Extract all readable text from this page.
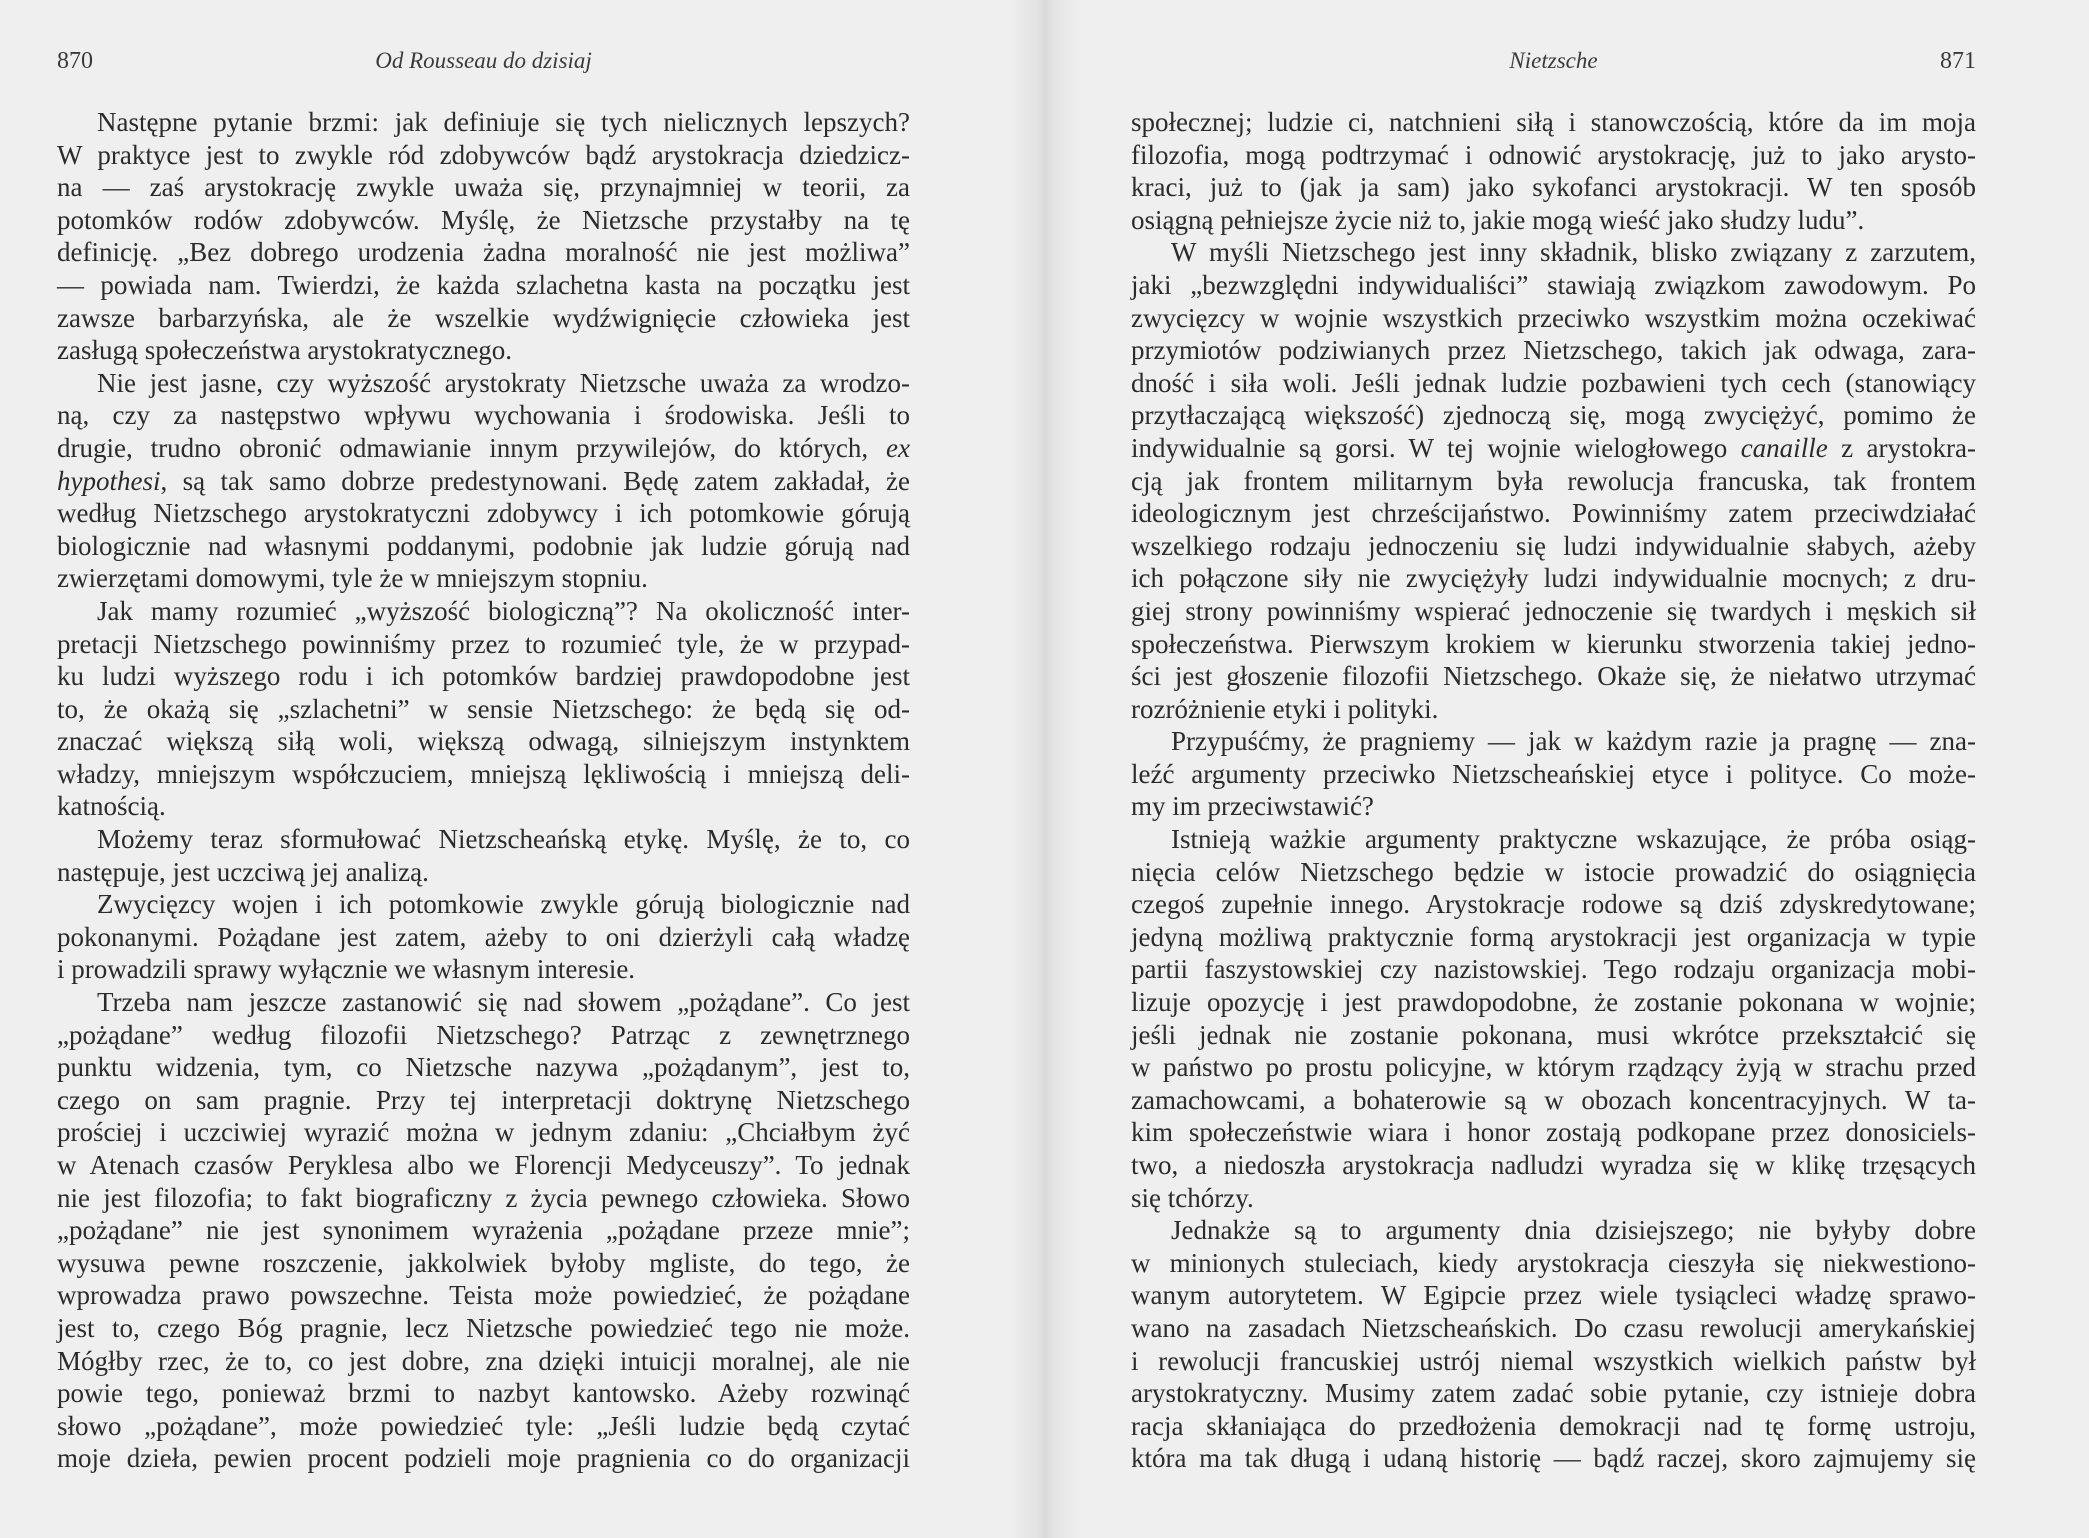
870	Od Rousseau do dzisiaj
Następne pytanie brzmi: jak definiuje się tych nielicznych lepszych?
W praktyce jest to zwykle ród zdobywców bądź arystokracja dziedzicz-
na — zaś arystokrację zwykle uważa się, przynajmniej w teorii, za
potomków rodów zdobywców. Myślę, że Nietzsche przystałby na tę
definicję. „Bez dobrego urodzenia żadna moralność nie jest możliwa”
— powiada nam. Twierdzi, że każda szlachetna kasta na początku jest
zawsze barbarzyńska, ale że wszelkie wydźwignięcie człowieka jest
zasługą społeczeństwa arystokratycznego.
Nie jest jasne, czy wyższość arystokraty Nietzsche uważa za wrodzo-
ną, czy za następstwo wpływu wychowania i środowiska. Jeśli to
drugie, trudno obronić odmawianie innym przywilejów, do których, ex
hypothesi, są tak samo dobrze predestynowani. Będę zatem zakładał, że
według Nietzschego arystokratyczni zdobywcy i ich potomkowie górują
biologicznie nad własnymi poddanymi, podobnie jak ludzie górują nad
zwierzętami domowymi, tyle że w mniejszym stopniu.
Jak mamy rozumieć „wyższość biologiczną”? Na okoliczność inter-
pretacji Nietzschego powinniśmy przez to rozumieć tyle, że w przypad-
ku ludzi wyższego rodu i ich potomków bardziej prawdopodobne jest
to, że okażą się „szlachetni” w sensie Nietzschego: że będą się od-
znaczać większą siłą woli, większą odwagą, silniejszym instynktem
władzy, mniejszym współczuciem, mniejszą lękliwością i mniejszą deli-
katnością.
Możemy teraz sformułować Nietzscheańską etykę. Myślę, że to, co
następuje, jest uczciwą jej analizą.
Zwycięzcy wojen i ich potomkowie zwykle górują biologicznie nad
pokonanymi. Pożądane jest zatem, ażeby to oni dzierżyli całą władzę
i prowadzili sprawy wyłącznie we własnym interesie.
Trzeba nam jeszcze zastanowić się nad słowem „pożądane”. Co jest
„pożądane” według filozofii Nietzschego? Patrząc z zewnętrznego
punktu widzenia, tym, co Nietzsche nazywa „pożądanym”, jest to,
czego on sam pragnie. Przy tej interpretacji doktrynę Nietzschego
prościej i uczciwiej wyrazić można w jednym zdaniu: „Chciałbym żyć
w Atenach czasów Peryklesa albo we Florencji Medyceuszy”. To jednak
nie jest filozofia; to fakt biograficzny z życia pewnego człowieka. Słowo
„pożądane” nie jest synonimem wyrażenia „pożądane przeze mnie”;
wysuwa pewne roszczenie, jakkolwiek byłoby mgliste, do tego, że
wprowadza prawo powszechne. Teista może powiedzieć, że pożądane
jest to, czego Bóg pragnie, lecz Nietzsche powiedzieć tego nie może.
Mógłby rzec, że to, co jest dobre, zna dzięki intuicji moralnej, ale nie
powie tego, ponieważ brzmi to nazbyt kantowsko. Ażeby rozwinąć
słowo „pożądane”, może powiedzieć tyle: „Jeśli ludzie będą czytać
moje dzieła, pewien procent podzieli moje pragnienia co do organizacji
Nietzsche	871
społecznej; ludzie ci, natchnieni siłą i stanowczością, które da im moja
filozofia, mogą podtrzymać i odnowić arystokrację, już to jako arysto-
kraci, już to (jak ja sam) jako sykofanci arystokracji. W ten sposób
osiągną pełniejsze życie niż to, jakie mogą wieść jako słudzy ludu”.
W myśli Nietzschego jest inny składnik, blisko związany z zarzutem,
jaki „bezwzględni indywidualiści” stawiają związkom zawodowym. Po
zwycięzcy w wojnie wszystkich przeciwko wszystkim można oczekiwać
przymiotów podziwianych przez Nietzschego, takich jak odwaga, zara-
dność i siła woli. Jeśli jednak ludzie pozbawieni tych cech (stanowiący
przytłaczającą większość) zjednoczą się, mogą zwyciężyć, pomimo że
indywidualnie są gorsi. W tej wojnie wielogłowego canaille z arystokra-
cją jak frontem militarnym była rewolucja francuska, tak frontem
ideologicznym jest chrześcijaństwo. Powinniśmy zatem przeciwdziałać
wszelkiego rodzaju jednoczeniu się ludzi indywidualnie słabych, ażeby
ich połączone siły nie zwyciężyły ludzi indywidualnie mocnych; z dru-
giej strony powinniśmy wspierać jednoczenie się twardych i męskich sił
społeczeństwa. Pierwszym krokiem w kierunku stworzenia takiej jedno-
ści jest głoszenie filozofii Nietzschego. Okaże się, że niełatwo utrzymać
rozróżnienie etyki i polityki.
Przypuśćmy, że pragniemy — jak w każdym razie ja pragnę — zna-
leźć argumenty przeciwko Nietzscheańskiej etyce i polityce. Co może-
my im przeciwstawić?
Istnieją ważkie argumenty praktyczne wskazujące, że próba osiąg-
nięcia celów Nietzschego będzie w istocie prowadzić do osiągnięcia
czegoś zupełnie innego. Arystokracje rodowe są dziś zdyskredytowane;
jedyną możliwą praktycznie formą arystokracji jest organizacja w typie
partii faszystowskiej czy nazistowskiej. Tego rodzaju organizacja mobi-
lizuje opozycję i jest prawdopodobne, że zostanie pokonana w wojnie;
jeśli jednak nie zostanie pokonana, musi wkrótce przekształcić się
w państwo po prostu policyjne, w którym rządzący żyją w strachu przed
zamachowcami, a bohaterowie są w obozach koncentracyjnych. W ta-
kim społeczeństwie wiara i honor zostają podkopane przez donosiciels-
two, a niedoszła arystokracja nadludzi wyradza się w klikę trzęsących
się tchórzy.
Jednakże są to argumenty dnia dzisiejszego; nie byłyby dobre
w minionych stuleciach, kiedy arystokracja cieszyła się niekwestiono-
wanym autorytetem. W Egipcie przez wiele tysiącleci władzę sprawo-
wano na zasadach Nietzscheańskich. Do czasu rewolucji amerykańskiej
i rewolucji francuskiej ustrój niemal wszystkich wielkich państw był
arystokratyczny. Musimy zatem zadać sobie pytanie, czy istnieje dobra
racja skłaniająca do przedłożenia demokracji nad tę formę ustroju,
która ma tak długą i udaną historię — bądź raczej, skoro zajmujemy się
